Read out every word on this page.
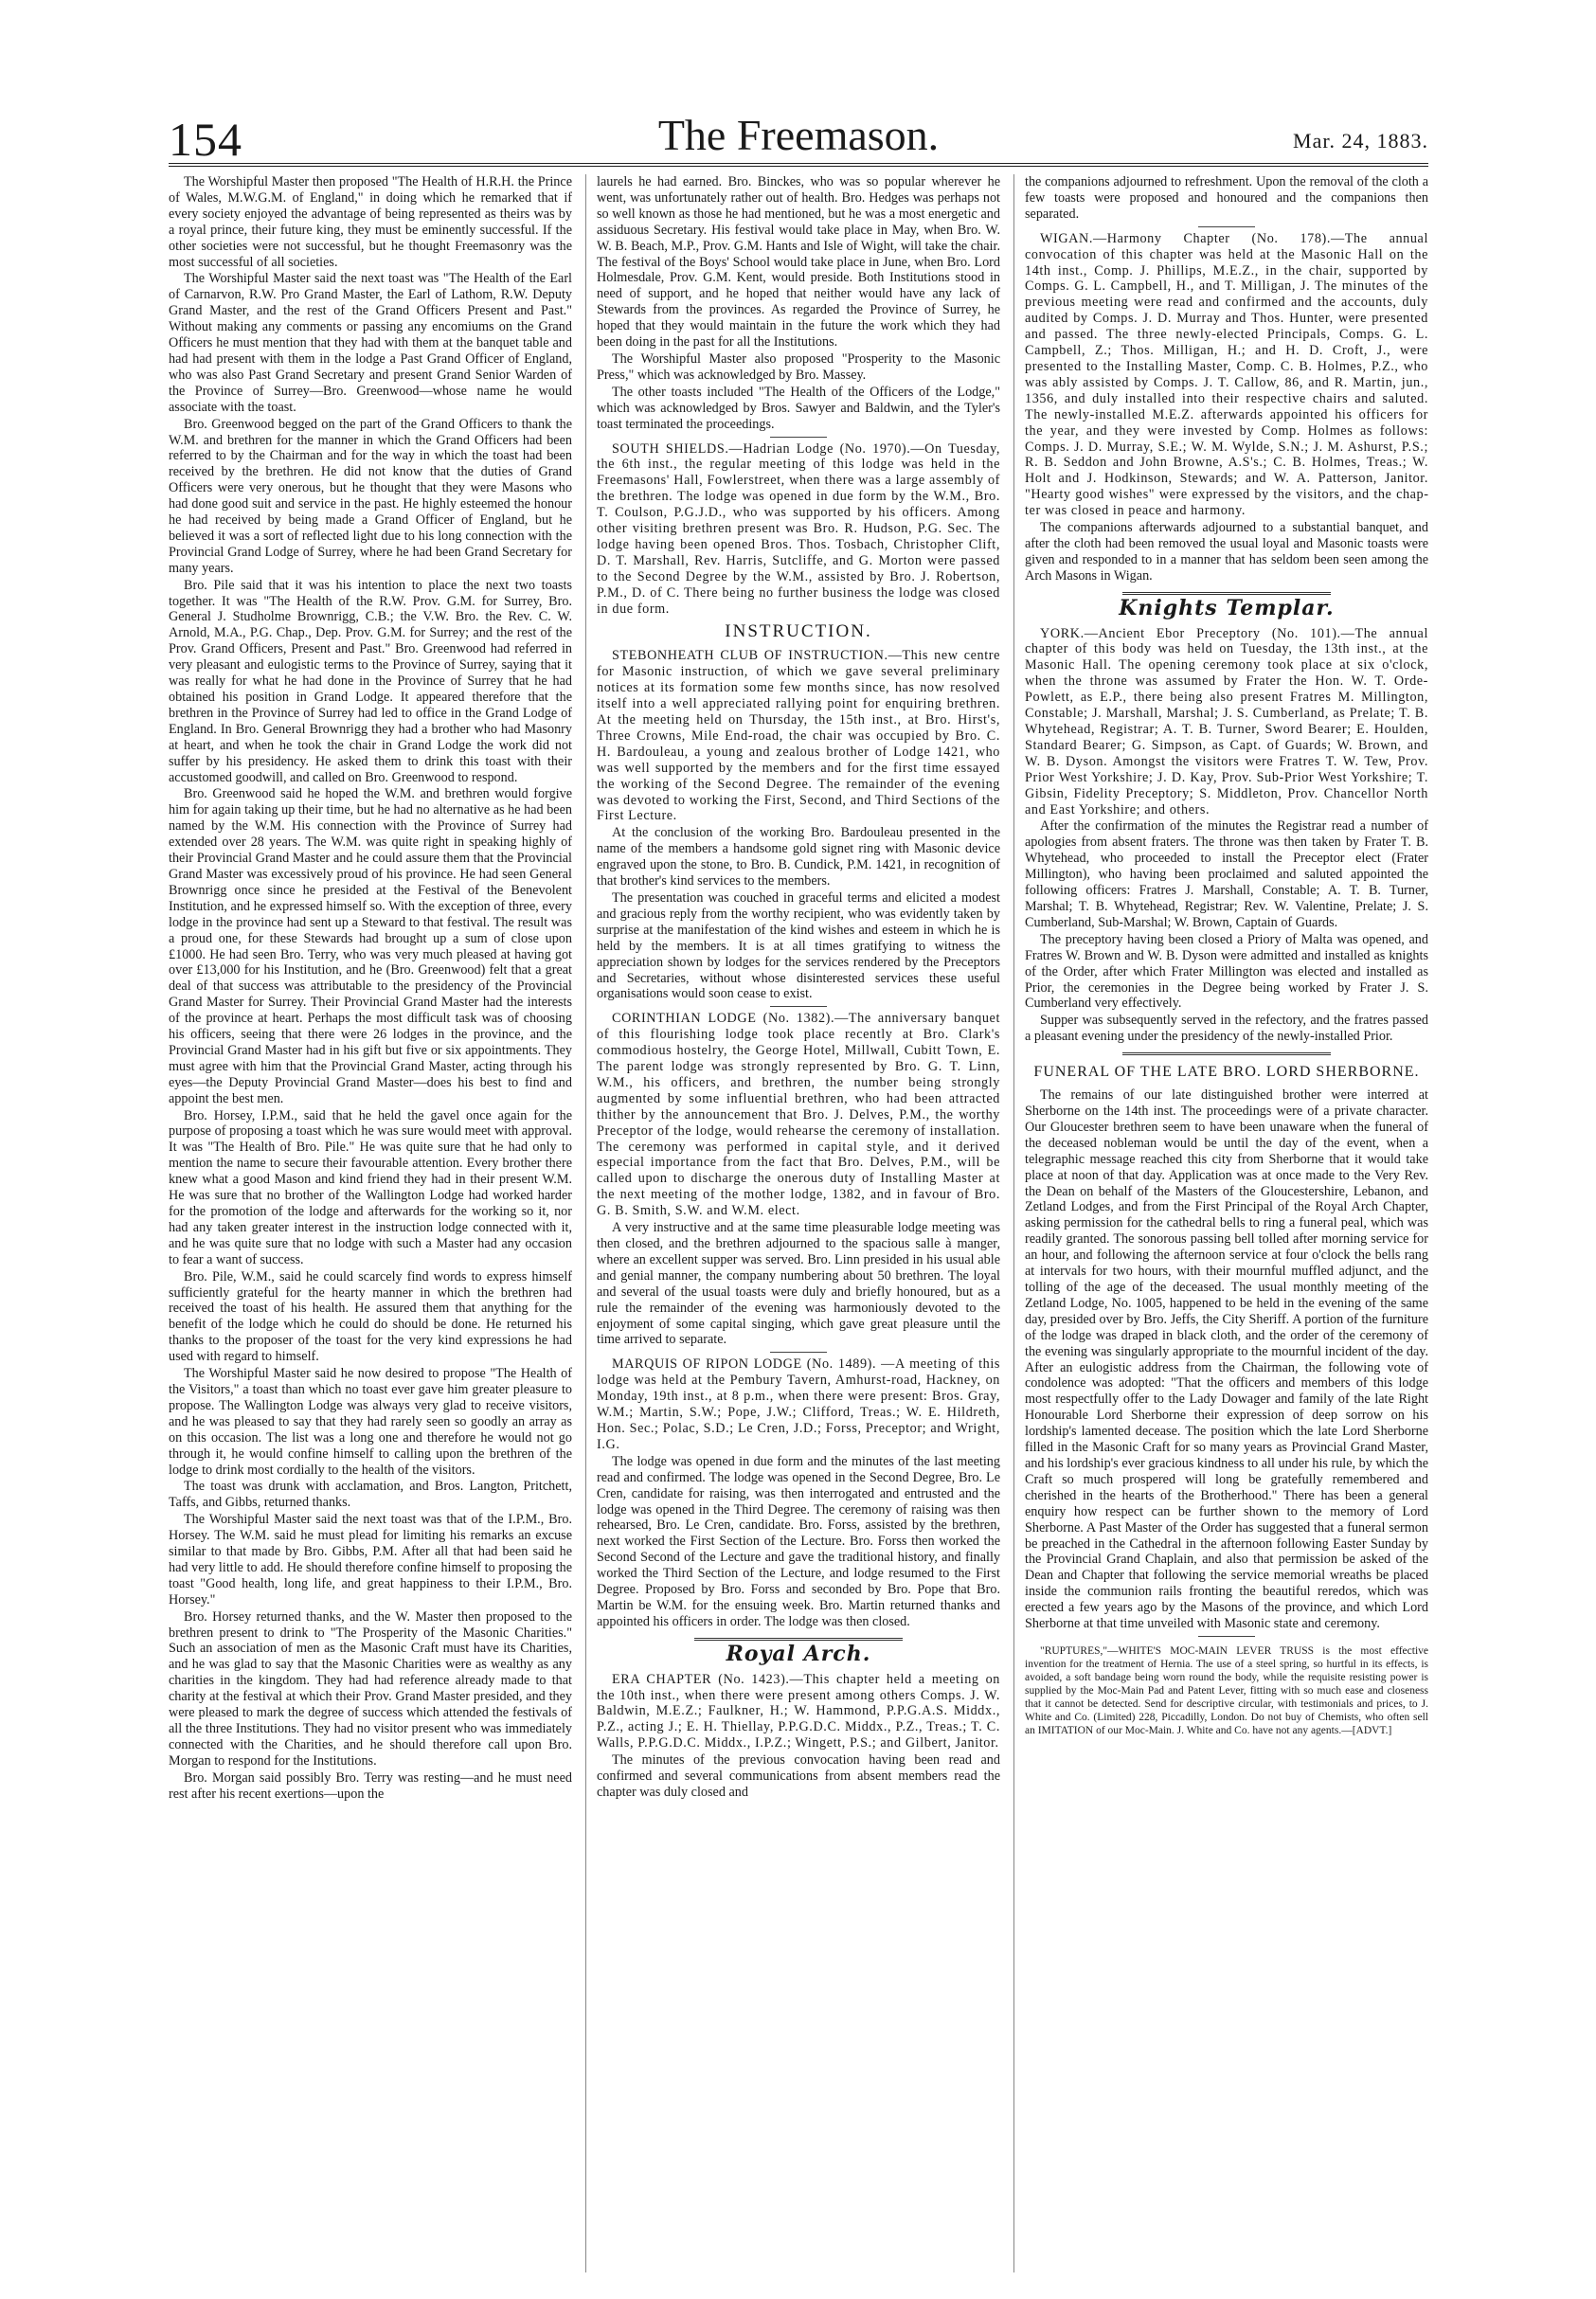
154	The Freemason.	Mar. 24, 1883.

The Worshipful Master then proposed "The Health of H.R.H. the Prince of Wales, M.W.G.M. of England," in doing which he remarked that if every society enjoyed the advantage of being represented as theirs was by a royal prince, their future king, they must be eminently successful. If the other societies were not successful, but he thought Freemasonry was the most successful of all societies.

The Worshipful Master said the next toast was "The Health of the Earl of Carnarvon, R.W. Pro Grand Master, the Earl of Lathom, R.W. Deputy Grand Master, and the rest of the Grand Officers Present and Past." Without making any comments or passing any encomiums on the Grand Officers he must mention that they had with them at the banquet table and had had present with them in the lodge a Past Grand Officer of England, who was also Past Grand Secretary and present Grand Senior Warden of the Province of Surrey—Bro. Greenwood—whose name he would associate with the toast.

Bro. Greenwood begged on the part of the Grand Officers to thank the W.M. and brethren for the manner in which the Grand Officers had been referred to by the Chairman and for the way in which the toast had been received by the brethren. He did not know that the duties of Grand Officers were very onerous, but he thought that they were Masons who had done good suit and service in the past. He highly esteemed the honour he had received by being made a Grand Officer of England, but he believed it was a sort of reflected light due to his long connection with the Provincial Grand Lodge of Surrey, where he had been Grand Secretary for many years.

Bro. Pile said that it was his intention to place the next two toasts together. It was "The Health of the R.W. Prov. G.M. for Surrey, Bro. General J. Studholme Brownrigg, C.B.; the V.W. Bro. the Rev. C. W. Arnold, M.A., P.G. Chap., Dep. Prov. G.M. for Surrey; and the rest of the Prov. Grand Officers, Present and Past." Bro. Greenwood had referred in very pleasant and eulogistic terms to the Province of Surrey, saying that it was really for what he had done in the Province of Surrey that he had obtained his position in Grand Lodge. It appeared therefore that the brethren in the Province of Surrey had led to office in the Grand Lodge of England. In Bro. General Brownrigg they had a brother who had Masonry at heart, and when he took the chair in Grand Lodge the work did not suffer by his presidency. He asked them to drink this toast with their accustomed goodwill, and called on Bro. Greenwood to respond.

Bro. Greenwood said he hoped the W.M. and brethren would forgive him for again taking up their time, but he had no alternative as he had been named by the W.M. His connection with the Province of Surrey had extended over 28 years. The W.M. was quite right in speaking highly of their Provincial Grand Master and he could assure them that the Provincial Grand Master was excessively proud of his province. He had seen General Brownrigg once since he presided at the Festival of the Benevolent Institution, and he expressed himself so. With the exception of three, every lodge in the province had sent up a Steward to that festival. The result was a proud one, for these Stewards had brought up a sum of close upon £1000. He had seen Bro. Terry, who was very much pleased at having got over £13,000 for his Institution, and he (Bro. Greenwood) felt that a great deal of that success was attributable to the presidency of the Provincial Grand Master for Surrey. Their Provincial Grand Master had the interests of the province at heart. Perhaps the most difficult task was of choosing his officers, seeing that there were 26 lodges in the province, and the Provincial Grand Master had in his gift but five or six appointments. They must agree with him that the Provincial Grand Master, acting through his eyes—the Deputy Provincial Grand Master—does his best to find and appoint the best men.

Bro. Horsey, I.P.M., said that he held the gavel once again for the purpose of proposing a toast which he was sure would meet with approval. It was "The Health of Bro. Pile." He was quite sure that he had only to mention the name to secure their favourable attention. Every brother there knew what a good Mason and kind friend they had in their present W.M. He was sure that no brother of the Wallington Lodge had worked harder for the promotion of the lodge and afterwards for the working so it, nor had any taken greater interest in the instruction lodge connected with it, and he was quite sure that no lodge with such a Master had any occasion to fear a want of success.

Bro. Pile, W.M., said he could scarcely find words to express himself sufficiently grateful for the hearty manner in which the brethren had received the toast of his health. He assured them that anything for the benefit of the lodge which he could do should be done. He returned his thanks to the proposer of the toast for the very kind expressions he had used with regard to himself.

The Worshipful Master said he now desired to propose "The Health of the Visitors," a toast than which no toast ever gave him greater pleasure to propose. The Wallington Lodge was always very glad to receive visitors, and he was pleased to say that they had rarely seen so goodly an array as on this occasion. The list was a long one and therefore he would not go through it, he would confine himself to calling upon the brethren of the lodge to drink most cordially to the health of the visitors.

The toast was drunk with acclamation, and Bros. Langton, Pritchett, Taffs, and Gibbs, returned thanks.

The Worshipful Master said the next toast was that of the I.P.M., Bro. Horsey. The W.M. said he must plead for limiting his remarks an excuse similar to that made by Bro. Gibbs, P.M. After all that had been said he had very little to add. He should therefore confine himself to proposing the toast "Good health, long life, and great happiness to their I.P.M., Bro. Horsey."

Bro. Horsey returned thanks, and the W. Master then proposed to the brethren present to drink to "The Prosperity of the Masonic Charities." Such an association of men as the Masonic Craft must have its Charities, and he was glad to say that the Masonic Charities were as wealthy as any charities in the kingdom. They had had reference already made to that charity at the festival at which their Prov. Grand Master presided, and they were pleased to mark the degree of success which attended the festivals of all the three Institutions. They had no visitor present who was immediately connected with the Charities, and he should therefore call upon Bro. Morgan to respond for the Institutions.

Bro. Morgan said possibly Bro. Terry was resting—and he must need rest after his recent exertions—upon the

laurels he had earned. Bro. Binckes, who was so popular wherever he went, was unfortunately rather out of health. Bro. Hedges was perhaps not so well known as those he had mentioned, but he was a most energetic and assiduous Secretary. His festival would take place in May, when Bro. W. W. B. Beach, M.P., Prov. G.M. Hants and Isle of Wight, will take the chair. The festival of the Boys' School would take place in June, when Bro. Lord Holmesdale, Prov. G.M. Kent, would preside. Both Institutions stood in need of support, and he hoped that neither would have any lack of Stewards from the provinces. As regarded the Province of Surrey, he hoped that they would maintain in the future the work which they had been doing in the past for all the Institutions.

The Worshipful Master also proposed "Prosperity to the Masonic Press," which was acknowledged by Bro. Massey.

The other toasts included "The Health of the Officers of the Lodge," which was acknowledged by Bros. Sawyer and Baldwin, and the Tyler's toast terminated the proceedings.

SOUTH SHIELDS.—Hadrian Lodge (No. 1970).—On Tuesday, the 6th inst., the regular meeting of this lodge was held in the Freemasons' Hall, Fowlerstreet, when there was a large assembly of the brethren. The lodge was opened in due form by the W.M., Bro. T. Coulson, P.G.J.D., who was supported by his officers. Among other visiting brethren present was Bro. R. Hudson, P.G. Sec. The lodge having been opened Bros. Thos. Tosbach, Christopher Clift, D. T. Marshall, Rev. Harris, Sutcliffe, and G. Morton were passed to the Second Degree by the W.M., assisted by Bro. J. Robertson, P.M., D. of C. There being no further business the lodge was closed in due form.

INSTRUCTION.

STEBONHEATH CLUB OF INSTRUCTION.—This new centre for Masonic instruction, of which we gave several preliminary notices at its formation some few months since, has now resolved itself into a well appreciated rallying point for enquiring brethren. At the meeting held on Thursday, the 15th inst., at Bro. Hirst's, Three Crowns, Mile End-road, the chair was occupied by Bro. C. H. Bardouleau, a young and zealous brother of Lodge 1421, who was well supported by the members and for the first time essayed the working of the Second Degree. The remainder of the evening was devoted to working the First, Second, and Third Sections of the First Lecture.

At the conclusion of the working Bro. Bardouleau presented in the name of the members a handsome gold signet ring with Masonic device engraved upon the stone, to Bro. B. Cundick, P.M. 1421, in recognition of that brother's kind services to the members.

The presentation was couched in graceful terms and elicited a modest and gracious reply from the worthy recipient, who was evidently taken by surprise at the manifestation of the kind wishes and esteem in which he is held by the members. It is at all times gratifying to witness the appreciation shown by lodges for the services rendered by the Preceptors and Secretaries, without whose disinterested services these useful organisations would soon cease to exist.

CORINTHIAN LODGE (No. 1382).—The anniversary banquet of this flourishing lodge took place recently at Bro. Clark's commodious hostelry, the George Hotel, Millwall, Cubitt Town, E. The parent lodge was strongly represented by Bro. G. T. Linn, W.M., his officers, and brethren, the number being strongly augmented by some influential brethren, who had been attracted thither by the announcement that Bro. J. Delves, P.M., the worthy Preceptor of the lodge, would rehearse the ceremony of installation. The ceremony was performed in capital style, and it derived especial importance from the fact that Bro. Delves, P.M., will be called upon to discharge the onerous duty of Installing Master at the next meeting of the mother lodge, 1382, and in favour of Bro. G. B. Smith, S.W. and W.M. elect.

A very instructive and at the same time pleasurable lodge meeting was then closed, and the brethren adjourned to the spacious salle à manger, where an excellent supper was served. Bro. Linn presided in his usual able and genial manner, the company numbering about 50 brethren. The loyal and several of the usual toasts were duly and briefly honoured, but as a rule the remainder of the evening was harmoniously devoted to the enjoyment of some capital singing, which gave great pleasure until the time arrived to separate.

MARQUIS OF RIPON LODGE (No. 1489). —A meeting of this lodge was held at the Pembury Tavern, Amhurst-road, Hackney, on Monday, 19th inst., at 8 p.m., when there were present: Bros. Gray, W.M.; Martin, S.W.; Pope, J.W.; Clifford, Treas.; W. E. Hildreth, Hon. Sec.; Polac, S.D.; Le Cren, J.D.; Forss, Preceptor; and Wright, I.G.

The lodge was opened in due form and the minutes of the last meeting read and confirmed. The lodge was opened in the Second Degree, Bro. Le Cren, candidate for raising, was then interrogated and entrusted and the lodge was opened in the Third Degree. The ceremony of raising was then rehearsed, Bro. Le Cren, candidate. Bro. Forss, assisted by the brethren, next worked the First Section of the Lecture. Bro. Forss then worked the Second Second of the Lecture and gave the traditional history, and finally worked the Third Section of the Lecture, and lodge resumed to the First Degree. Proposed by Bro. Forss and seconded by Bro. Pope that Bro. Martin be W.M. for the ensuing week. Bro. Martin returned thanks and appointed his officers in order. The lodge was then closed.

Royal Arch.

ERA CHAPTER (No. 1423).—This chapter held a meeting on the 10th inst., when there were present among others Comps. J. W. Baldwin, M.E.Z.; Faulkner, H.; W. Hammond, P.P.G.A.S. Middx., P.Z., acting J.; E. H. Thiellay, P.P.G.D.C. Middx., P.Z., Treas.; T. C. Walls, P.P.G.D.C. Middx., I.P.Z.; Wingett, P.S.; and Gilbert, Janitor.

The minutes of the previous convocation having been read and confirmed and several communications from absent members read the chapter was duly closed and

the companions adjourned to refreshment. Upon the removal of the cloth a few toasts were proposed and honoured and the companions then separated.

WIGAN.—Harmony Chapter (No. 178).—The annual convocation of this chapter was held at the Masonic Hall on the 14th inst., Comp. J. Phillips, M.E.Z., in the chair, supported by Comps. G. L. Campbell, H., and T. Milligan, J. The minutes of the previous meeting were read and confirmed and the accounts, duly audited by Comps. J. D. Murray and Thos. Hunter, were presented and passed. The three newly-elected Principals, Comps. G. L. Campbell, Z.; Thos. Milligan, H.; and H. D. Croft, J., were presented to the Installing Master, Comp. C. B. Holmes, P.Z., who was ably assisted by Comps. J. T. Callow, 86, and R. Martin, jun., 1356, and duly installed into their respective chairs and saluted. The newly-installed M.E.Z. afterwards appointed his officers for the year, and they were invested by Comp. Holmes as follows: Comps. J. D. Murray, S.E.; W. M. Wylde, S.N.; J. M. Ashurst, P.S.; R. B. Seddon and John Browne, A.S's.; C. B. Holmes, Treas.; W. Holt and J. Hodkinson, Stewards; and W. A. Patterson, Janitor. "Hearty good wishes" were expressed by the visitors, and the chapter was closed in peace and harmony.

The companions afterwards adjourned to a substantial banquet, and after the cloth had been removed the usual loyal and Masonic toasts were given and responded to in a manner that has seldom been seen among the Arch Masons in Wigan.

Knights Templar.

YORK.—Ancient Ebor Preceptory (No. 101).—The annual chapter of this body was held on Tuesday, the 13th inst., at the Masonic Hall. The opening ceremony took place at six o'clock, when the throne was assumed by Frater the Hon. W. T. Orde-Powlett, as E.P., there being also present Fratres M. Millington, Constable; J. Marshall, Marshal; J. S. Cumberland, as Prelate; T. B. Whytehead, Registrar; A. T. B. Turner, Sword Bearer; E. Houlden, Standard Bearer; G. Simpson, as Capt. of Guards; W. Brown, and W. B. Dyson. Amongst the visitors were Fratres T. W. Tew, Prov. Prior West Yorkshire; J. D. Kay, Prov. Sub-Prior West Yorkshire; T. Gibsin, Fidelity Preceptory; S. Middleton, Prov. Chancellor North and East Yorkshire; and others.

After the confirmation of the minutes the Registrar read a number of apologies from absent fraters. The throne was then taken by Frater T. B. Whytehead, who proceeded to install the Preceptor elect (Frater Millington), who having been proclaimed and saluted appointed the following officers: Fratres J. Marshall, Constable; A. T. B. Turner, Marshal; T. B. Whytehead, Registrar; Rev. W. Valentine, Prelate; J. S. Cumberland, Sub-Marshal; W. Brown, Captain of Guards.

The preceptory having been closed a Priory of Malta was opened, and Fratres W. Brown and W. B. Dyson were admitted and installed as knights of the Order, after which Frater Millington was elected and installed as Prior, the ceremonies in the Degree being worked by Frater J. S. Cumberland very effectively.

Supper was subsequently served in the refectory, and the fratres passed a pleasant evening under the presidency of the newly-installed Prior.

FUNERAL OF THE LATE BRO. LORD SHERBORNE.

The remains of our late distinguished brother were interred at Sherborne on the 14th inst. The proceedings were of a private character. Our Gloucester brethren seem to have been unaware when the funeral of the deceased nobleman would be until the day of the event, when a telegraphic message reached this city from Sherborne that it would take place at noon of that day. Application was at once made to the Very Rev. the Dean on behalf of the Masters of the Gloucestershire, Lebanon, and Zetland Lodges, and from the First Principal of the Royal Arch Chapter, asking permission for the cathedral bells to ring a funeral peal, which was readily granted. The sonorous passing bell tolled after morning service for an hour, and following the afternoon service at four o'clock the bells rang at intervals for two hours, with their mournful muffled adjunct, and the tolling of the age of the deceased. The usual monthly meeting of the Zetland Lodge, No. 1005, happened to be held in the evening of the same day, presided over by Bro. Jeffs, the City Sheriff. A portion of the furniture of the lodge was draped in black cloth, and the order of the ceremony of the evening was singularly appropriate to the mournful incident of the day. After an eulogistic address from the Chairman, the following vote of condolence was adopted: "That the officers and members of this lodge most respectfully offer to the Lady Dowager and family of the late Right Honourable Lord Sherborne their expression of deep sorrow on his lordship's lamented decease. The position which the late Lord Sherborne filled in the Masonic Craft for so many years as Provincial Grand Master, and his lordship's ever gracious kindness to all under his rule, by which the Craft so much prospered will long be gratefully remembered and cherished in the hearts of the Brotherhood." There has been a general enquiry how respect can be further shown to the memory of Lord Sherborne. A Past Master of the Order has suggested that a funeral sermon be preached in the Cathedral in the afternoon following Easter Sunday by the Provincial Grand Chaplain, and also that permission be asked of the Dean and Chapter that following the service memorial wreaths be placed inside the communion rails fronting the beautiful reredos, which was erected a few years ago by the Masons of the province, and which Lord Sherborne at that time unveiled with Masonic state and ceremony.

"RUPTURES,"—WHITE'S MOC-MAIN LEVER TRUSS is the most effective invention for the treatment of Hernia. The use of a steel spring, so hurtful in its effects, is avoided, a soft bandage being worn round the body, while the requisite resisting power is supplied by the Moc-Main Pad and Patent Lever, fitting with so much ease and closeness that it cannot be detected. Send for descriptive circular, with testimonials and prices, to J. White and Co. (Limited) 228, Piccadilly, London. Do not buy of Chemists, who often sell an IMITATION of our Moc-Main. J. White and Co. have not any agents.—[ADVT.]
